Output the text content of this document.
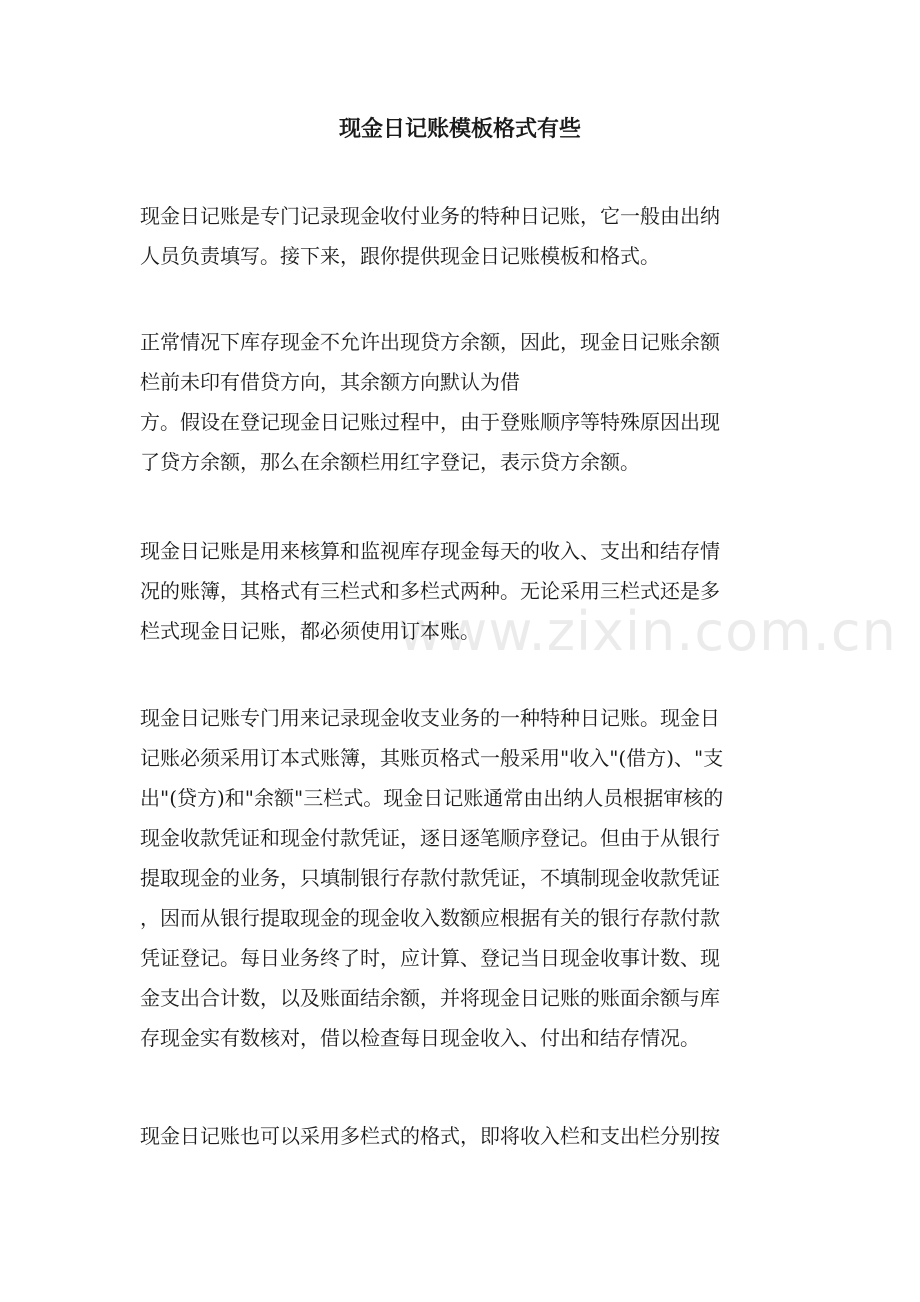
www.zixin.com.cn
现金日记账模板格式有些
现金日记账是专门记录现金收付业务的特种日记账，它一般由出纳
人员负责填写。接下来，跟你提供现金日记账模板和格式。
正常情况下库存现金不允许出现贷方余额，因此，现金日记账余额
栏前未印有借贷方向，其余额方向默认为借
方。假设在登记现金日记账过程中，由于登账顺序等特殊原因出现
了贷方余额，那么在余额栏用红字登记，表示贷方余额。
现金日记账是用来核算和监视库存现金每天的收入、支出和结存情
况的账簿，其格式有三栏式和多栏式两种。无论采用三栏式还是多
栏式现金日记账，都必须使用订本账。
现金日记账专门用来记录现金收支业务的一种特种日记账。现金日
记账必须采用订本式账簿，其账页格式一般采用"收入"(借方)、"支
出"(贷方)和"余额"三栏式。现金日记账通常由出纳人员根据审核的
现金收款凭证和现金付款凭证，逐日逐笔顺序登记。但由于从银行
提取现金的业务，只填制银行存款付款凭证，不填制现金收款凭证
，因而从银行提取现金的现金收入数额应根据有关的银行存款付款
凭证登记。每日业务终了时，应计算、登记当日现金收事计数、现
金支出合计数，以及账面结余额，并将现金日记账的账面余额与库
存现金实有数核对，借以检查每日现金收入、付出和结存情况。
现金日记账也可以采用多栏式的格式，即将收入栏和支出栏分别按
